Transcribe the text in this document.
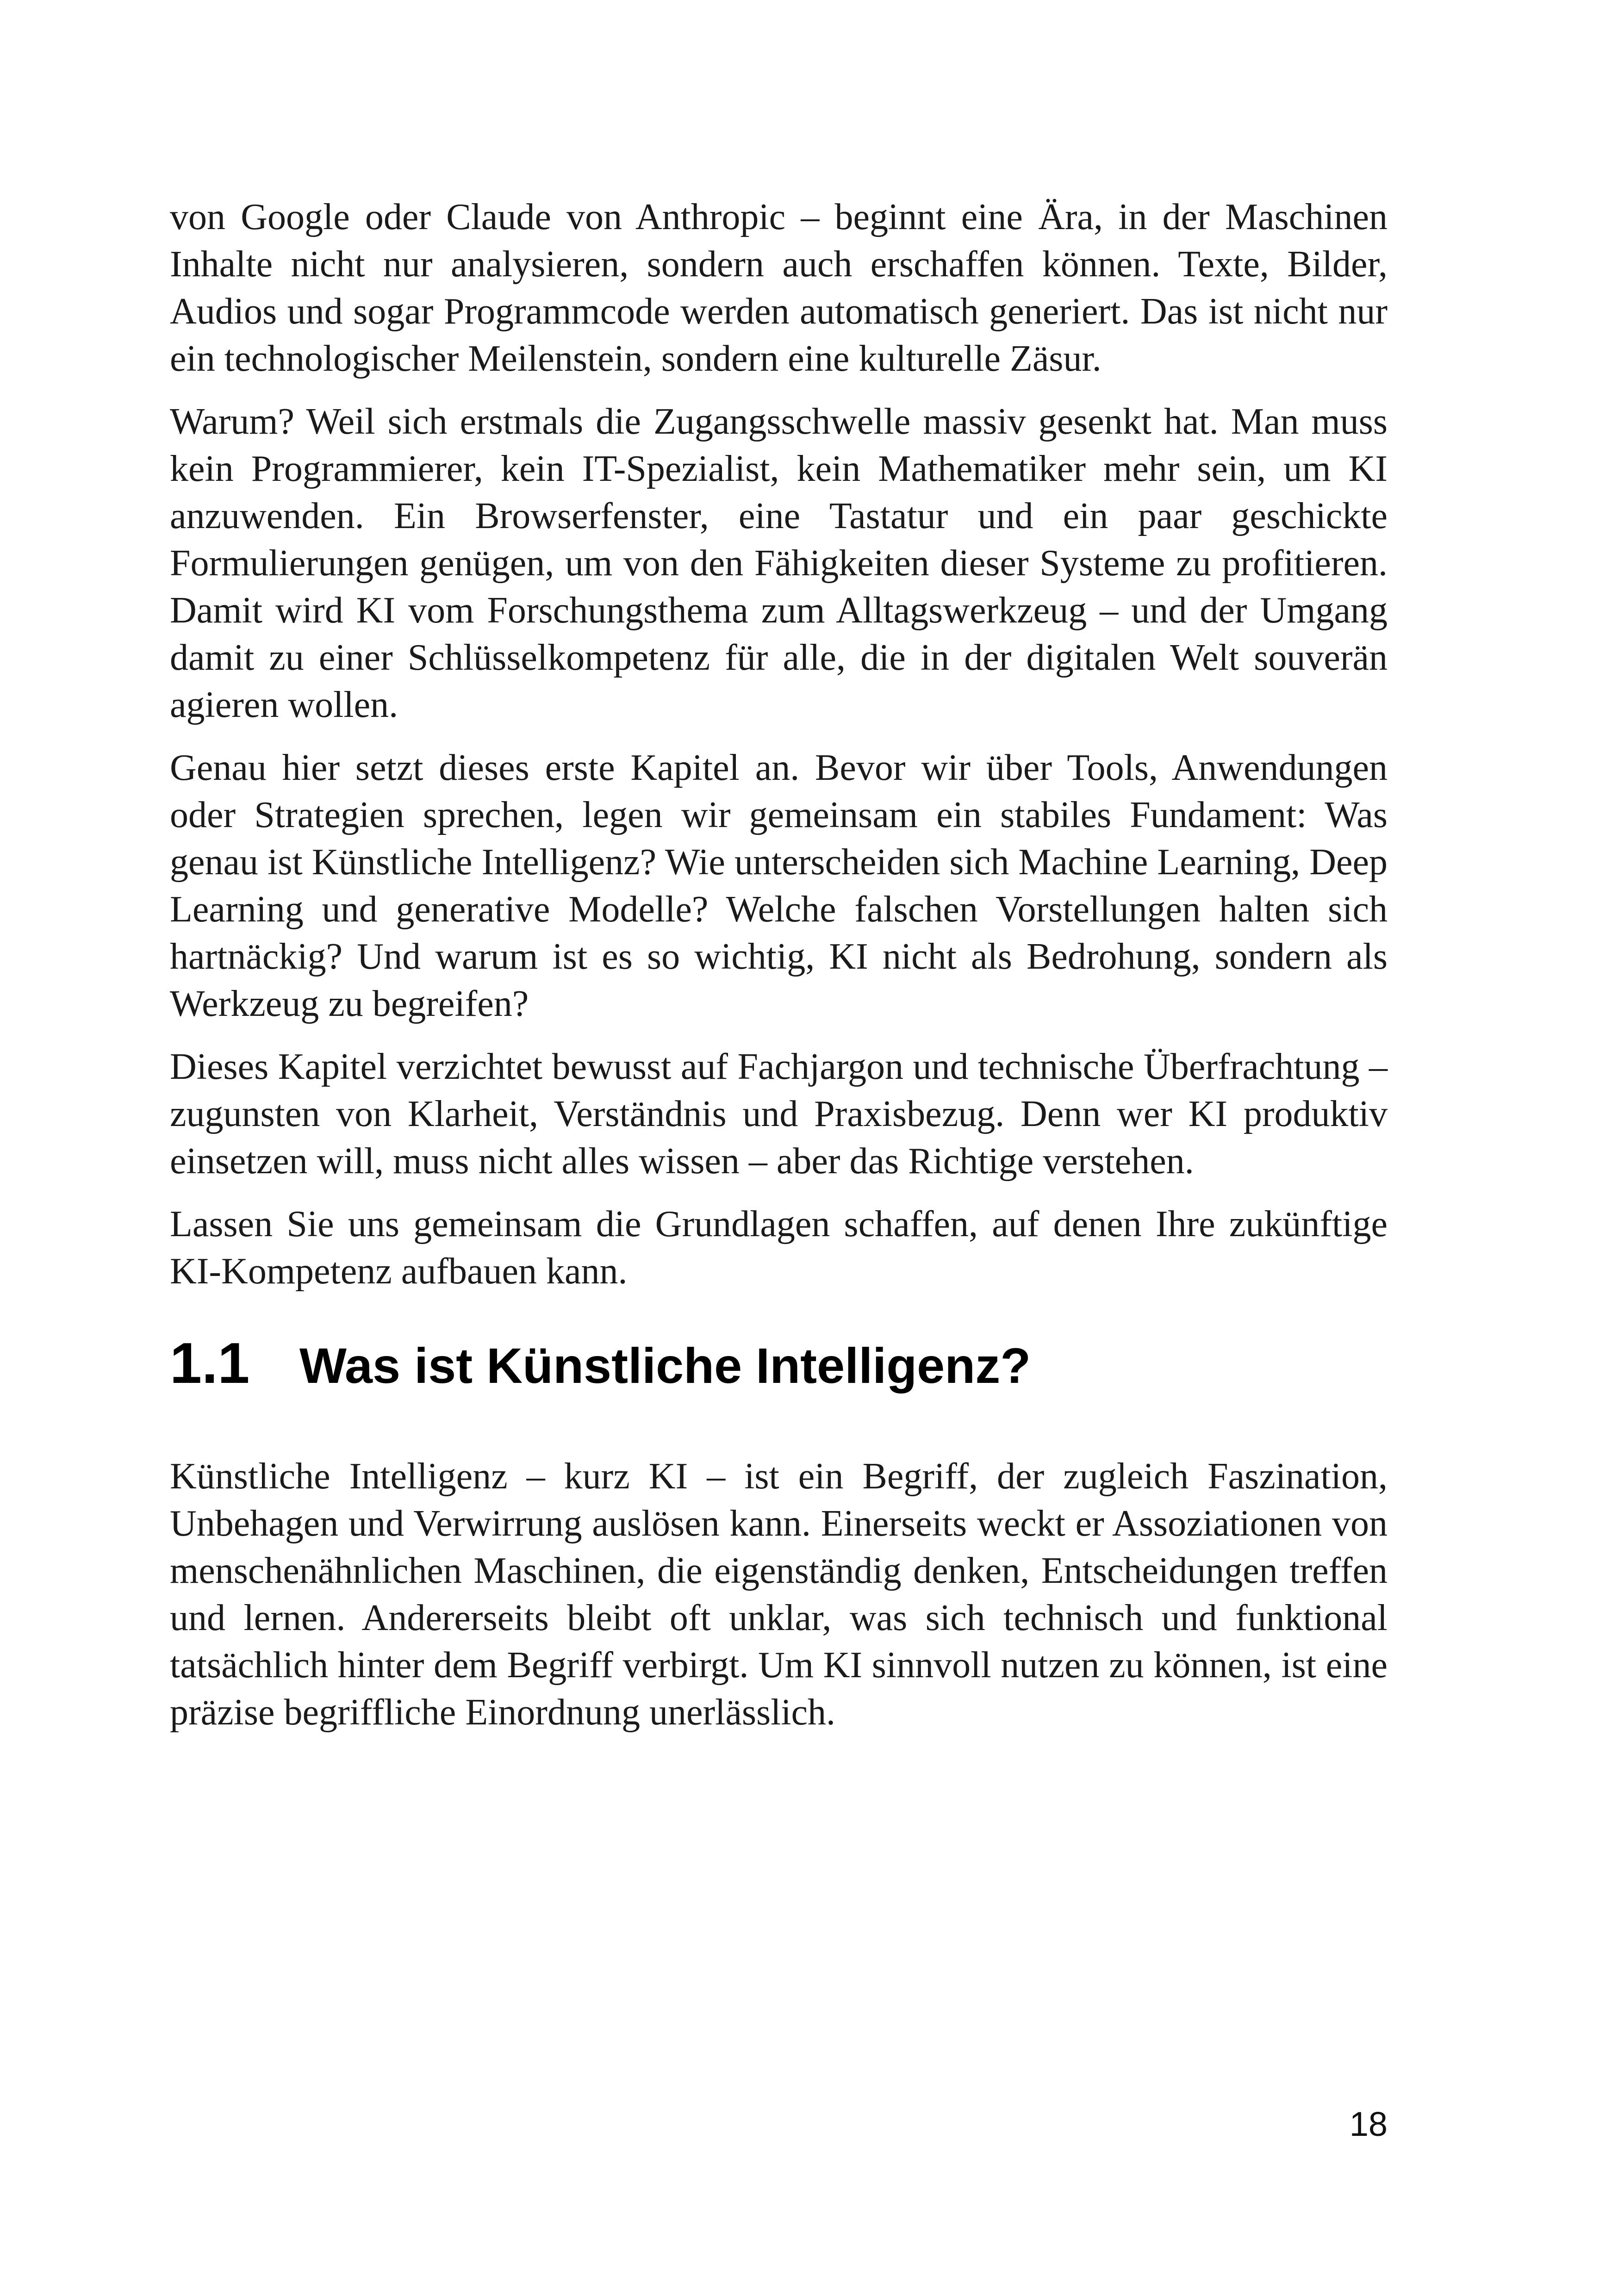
von Google oder Claude von Anthropic – beginnt eine Ära, in der Maschinen Inhalte nicht nur analysieren, sondern auch erschaffen können. Texte, Bilder, Audios und sogar Programmcode werden automatisch generiert. Das ist nicht nur ein technologischer Meilenstein, sondern eine kulturelle Zäsur.

Warum? Weil sich erstmals die Zugangsschwelle massiv gesenkt hat. Man muss kein Programmierer, kein IT-Spezialist, kein Mathematiker mehr sein, um KI anzuwenden. Ein Browserfenster, eine Tastatur und ein paar geschickte Formulierungen genügen, um von den Fähigkeiten dieser Systeme zu profitieren. Damit wird KI vom Forschungsthema zum Alltagswerkzeug – und der Umgang damit zu einer Schlüsselkompetenz für alle, die in der digitalen Welt souverän agieren wollen.

Genau hier setzt dieses erste Kapitel an. Bevor wir über Tools, Anwendungen oder Strategien sprechen, legen wir gemeinsam ein stabiles Fundament: Was genau ist Künstliche Intelligenz? Wie unterscheiden sich Machine Learning, Deep Learning und generative Modelle? Welche falschen Vorstellungen halten sich hartnäckig? Und warum ist es so wichtig, KI nicht als Bedrohung, sondern als Werkzeug zu begreifen?

Dieses Kapitel verzichtet bewusst auf Fachjargon und technische Überfrachtung – zugunsten von Klarheit, Verständnis und Praxisbezug. Denn wer KI produktiv einsetzen will, muss nicht alles wissen – aber das Richtige verstehen.

Lassen Sie uns gemeinsam die Grundlagen schaffen, auf denen Ihre zukünftige KI-Kompetenz aufbauen kann.

1.1 Was ist Künstliche Intelligenz?

Künstliche Intelligenz – kurz KI – ist ein Begriff, der zugleich Faszination, Unbehagen und Verwirrung auslösen kann. Einerseits weckt er Assoziationen von menschenähnlichen Maschinen, die eigenständig denken, Entscheidungen treffen und lernen. Andererseits bleibt oft unklar, was sich technisch und funktional tatsächlich hinter dem Begriff verbirgt. Um KI sinnvoll nutzen zu können, ist eine präzise begriffliche Einordnung unerlässlich.

18
